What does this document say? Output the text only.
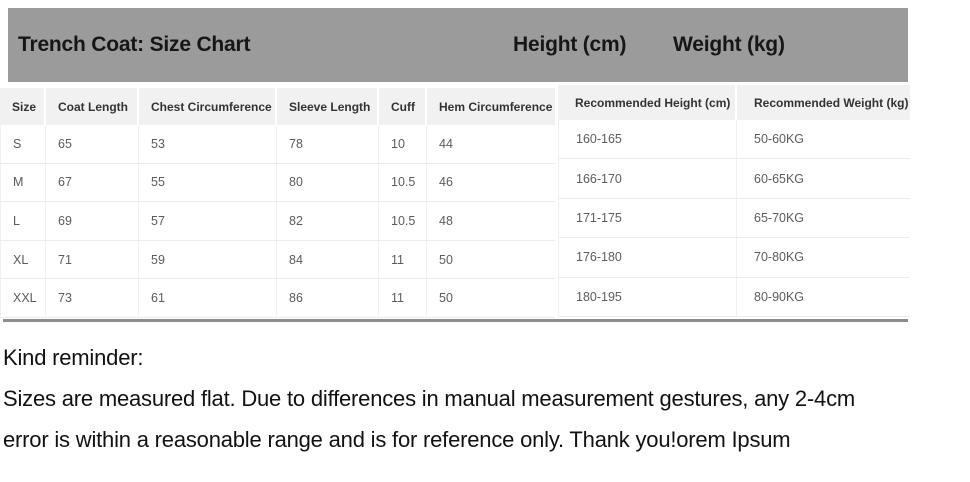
Trench Coat: Size Chart	Height (cm) Weight (kg)
Size	Coat Length	Chest Circumference	Sleeve Length	Cuff	Hem Circumference
S	65	53	78	10	44
M	67	55	80	10.5	46
L	69	57	82	10.5	48
XL	71	59	84	11	50
XXL	73	61	86	11	50
Recommended Height (cm)	Recommended Weight (kg)
160-165	50-60KG
166-170	60-65KG
171-175	65-70KG
176-180	70-80KG
180-195	80-90KG
Kind reminder:
Sizes are measured flat. Due to differences in manual measurement gestures, any 2-4cm
error is within a reasonable range and is for reference only. Thank you!orem Ipsum
